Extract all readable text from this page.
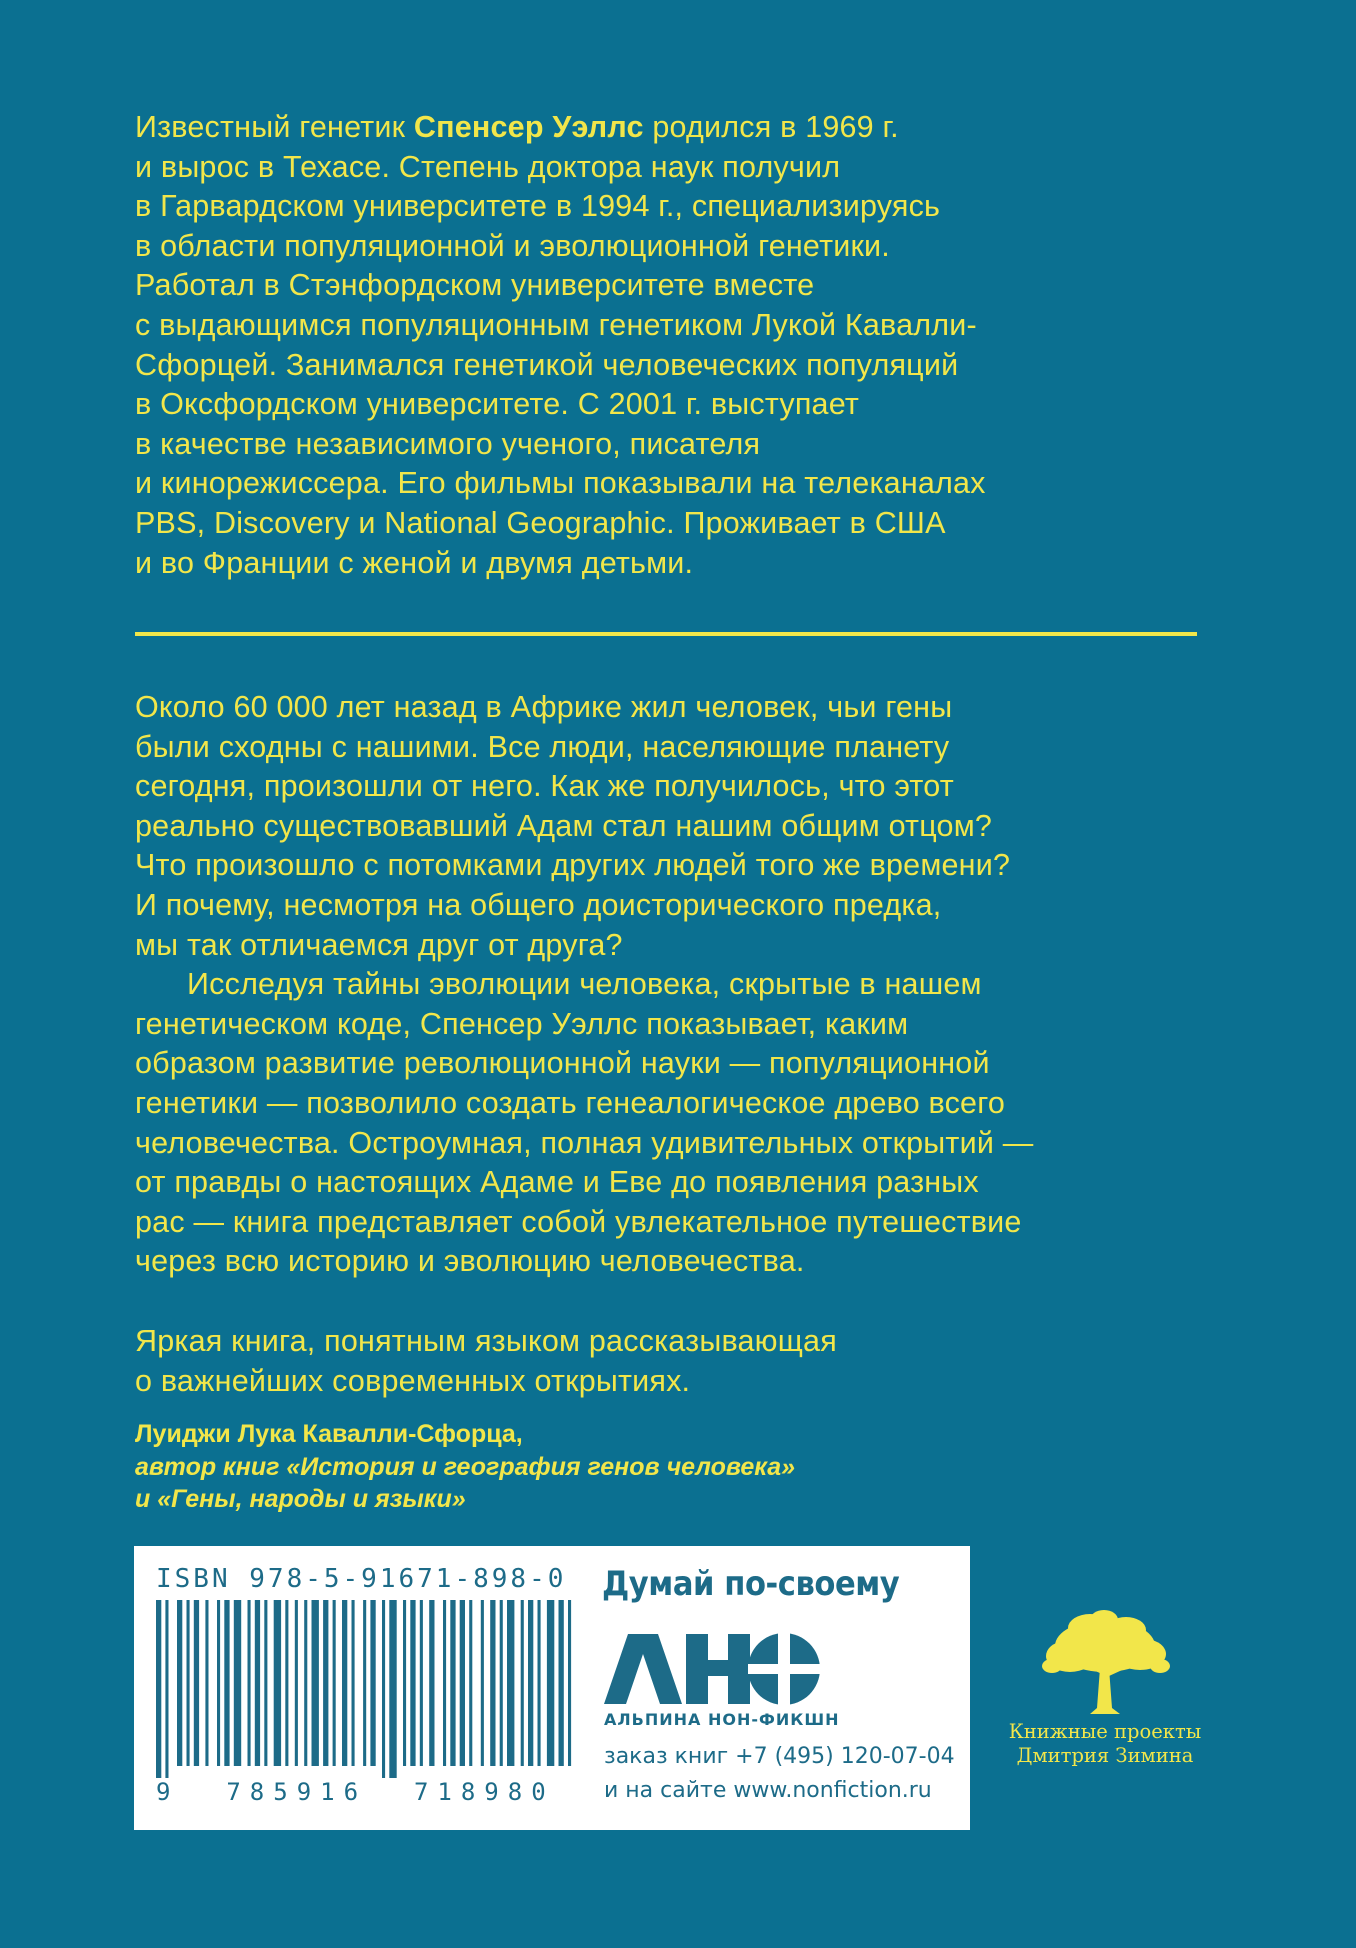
Известный генетик Спенсер Уэллс родился в 1969 г.
и вырос в Техасе. Степень доктора наук получил
в Гарвардском университете в 1994 г., специализируясь
в области популяционной и эволюционной генетики.
Работал в Стэнфордском университете вместе
с выдающимся популяционным генетиком Лукой Кавалли-
Сфорцей. Занимался генетикой человеческих популяций
в Оксфордском университете. С 2001 г. выступает
в качестве независимого ученого, писателя
и кинорежиссера. Его фильмы показывали на телеканалах
PBS, Discovery и National Geographic. Проживает в США
и во Франции с женой и двумя детьми.
Около 60 000 лет назад в Африке жил человек, чьи гены
были сходны с нашими. Все люди, населяющие планету
сегодня, произошли от него. Как же получилось, что этот
реально существовавший Адам стал нашим общим отцом?
Что произошло с потомками других людей того же времени?
И почему, несмотря на общего доисторического предка,
мы так отличаемся друг от друга?
Исследуя тайны эволюции человека, скрытые в нашем
генетическом коде, Спенсер Уэллс показывает, каким
образом развитие революционной науки — популяционной
генетики — позволило создать генеалогическое древо всего
человечества. Остроумная, полная удивительных открытий —
от правды о настоящих Адаме и Еве до появления разных
рас — книга представляет собой увлекательное путешествие
через всю историю и эволюцию человечества.
Яркая книга, понятным языком рассказывающая
о важнейших современных открытиях.
Луиджи Лука Кавалли-Сфорца,
автор книг «История и география генов человека»
и «Гены, народы и языки»
ISBN 978-5-91671-898-0
9  785916  718980
Думай по-своему
АЛЬПИНА НОН-ФИКШН
заказ книг +7 (495) 120-07-04
и на сайте www.nonfiction.ru
Книжные проекты
Дмитрия Зимина
